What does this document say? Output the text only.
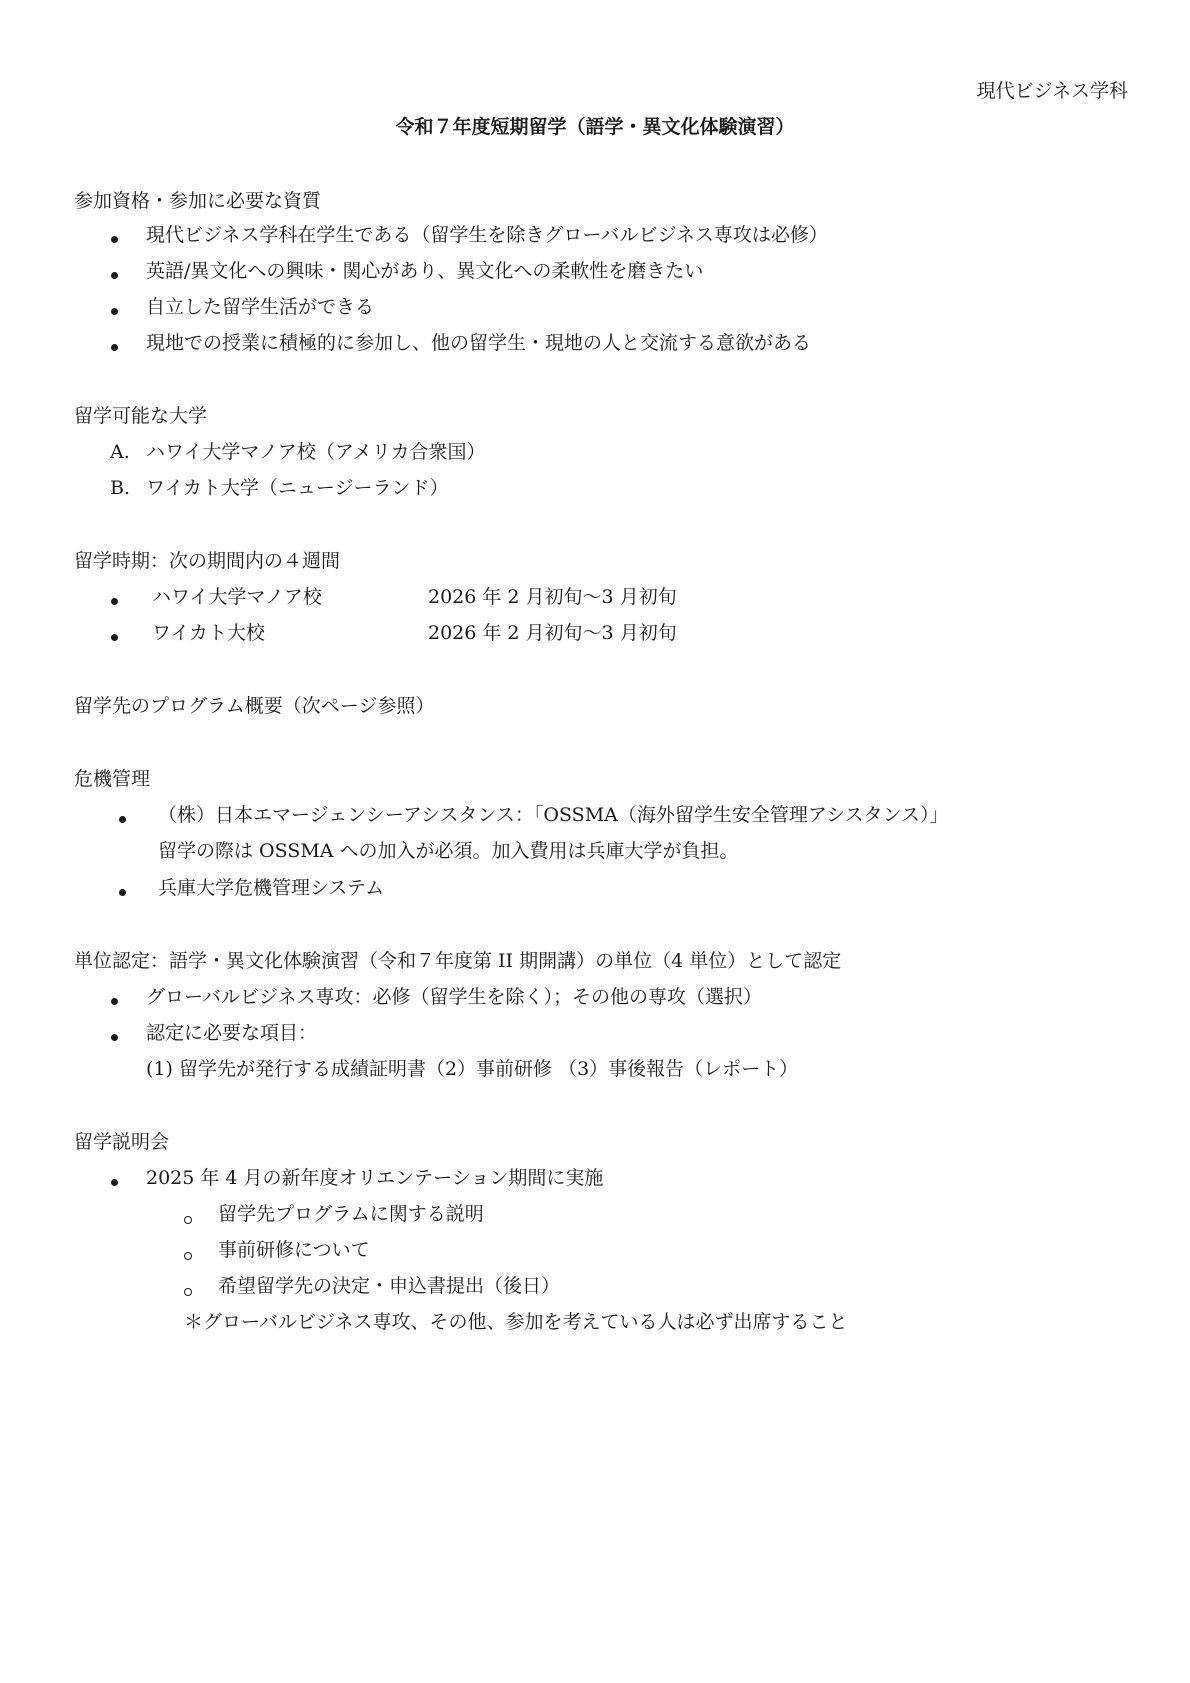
現代ビジネス学科
令和７年度短期留学（語学・異文化体験演習）
参加資格・参加に必要な資質
現代ビジネス学科在学生である（留学生を除きグローバルビジネス専攻は必修）
英語/異文化への興味・関心があり、異文化への柔軟性を磨きたい
自立した留学生活ができる
現地での授業に積極的に参加し、他の留学生・現地の人と交流する意欲がある
留学可能な大学
A. ハワイ大学マノア校（アメリカ合衆国）
B. ワイカト大学（ニュージーランド）
留学時期：次の期間内の４週間
ハワイ大学マノア校	2026 年 2 月初旬〜3 月初旬
ワイカト大校	2026 年 2 月初旬〜3 月初旬
留学先のプログラム概要（次ページ参照）
危機管理
（株）日本エマージェンシーアシスタンス：「OSSMA（海外留学生安全管理アシスタンス）」
留学の際は OSSMA への加入が必須。加入費用は兵庫大学が負担。
兵庫大学危機管理システム
単位認定：語学・異文化体験演習（令和７年度第 II 期開講）の単位（4 単位）として認定
グローバルビジネス専攻：必修（留学生を除く）；その他の専攻（選択）
認定に必要な項目：
(1) 留学先が発行する成績証明書（2）事前研修 （3）事後報告（レポート）
留学説明会
2025 年 4 月の新年度オリエンテーション期間に実施
留学先プログラムに関する説明
事前研修について
希望留学先の決定・申込書提出（後日）
＊グローバルビジネス専攻、その他、参加を考えている人は必ず出席すること
